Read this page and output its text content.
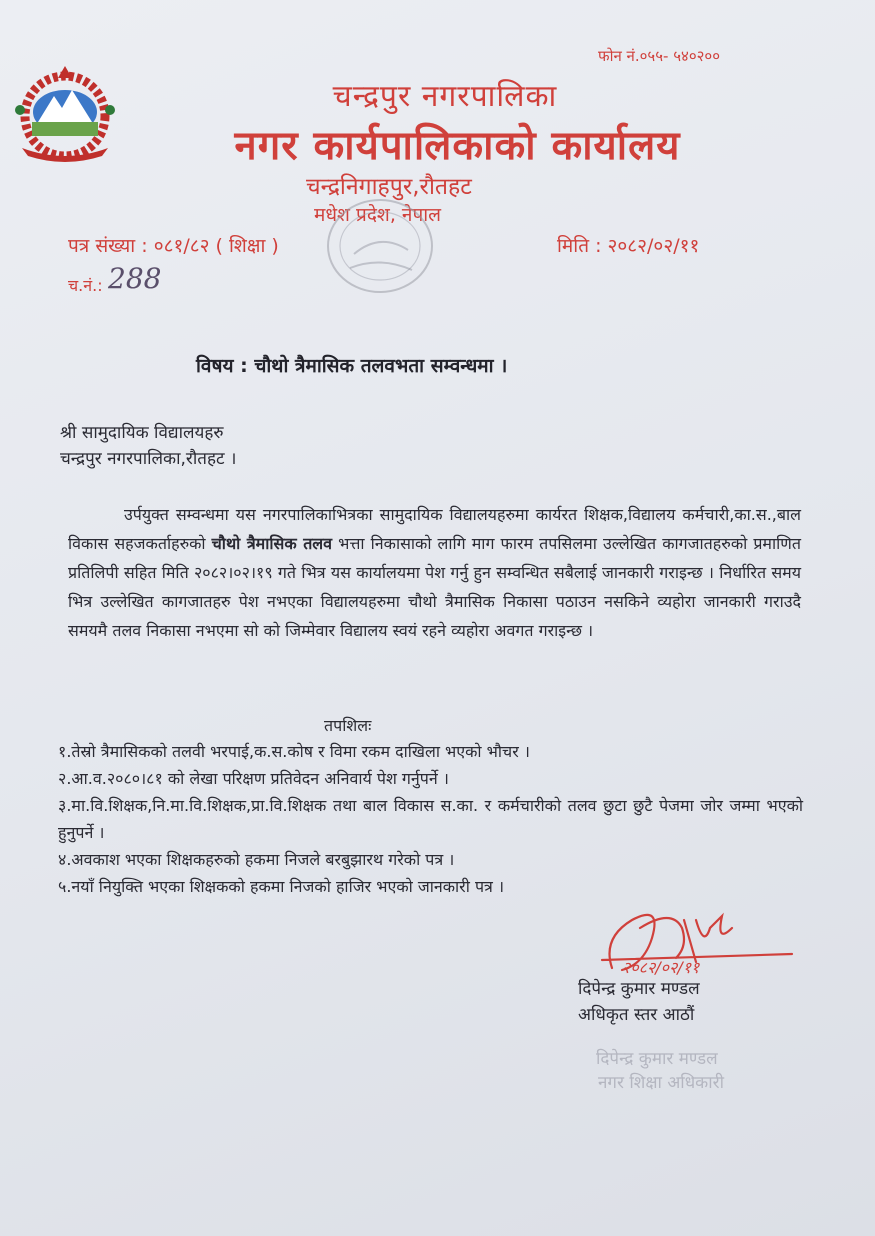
फोन नं.०५५- ५४०२००
चन्द्रपुर नगरपालिका
नगर कार्यपालिकाको कार्यालय
चन्द्रनिगाहपुर,रौतहट
मधेश प्रदेश, नेपाल
पत्र संख्या : ०८१/८२ ( शिक्षा )	मिति : २०८२/०२/११
च.नं.: 288
विषय : चौथो त्रैमासिक तलवभता सम्वन्धमा ।
श्री सामुदायिक विद्यालयहरु
चन्द्रपुर नगरपालिका,रौतहट ।
उर्पयुक्त सम्वन्धमा यस नगरपालिकाभित्रका सामुदायिक विद्यालयहरुमा कार्यरत शिक्षक,विद्यालय कर्मचारी,का.स.,बाल विकास सहजकर्ताहरुको चौथो त्रैमासिक तलव भत्ता निकासाको लागि माग फारम तपसिलमा उल्लेखित कागजातहरुको प्रमाणित प्रतिलिपी सहित मिति २०८२।०२।१९ गते भित्र यस कार्यालयमा पेश गर्नु हुन सम्वन्धित सबैलाई जानकारी गराइन्छ । निर्धारित समय भित्र उल्लेखित कागजातहरु पेश नभएका विद्यालयहरुमा चौथो त्रैमासिक निकासा पठाउन नसकिने व्यहोरा जानकारी गराउदै समयमै तलव निकासा नभएमा सो को जिम्मेवार विद्यालय स्वयं रहने व्यहोरा अवगत गराइन्छ ।
तपशिलः
१.तेस्रो त्रैमासिकको तलवी भरपाई,क.स.कोष र विमा रकम दाखिला भएको भौचर ।
२.आ.व.२०८०।८१ को लेखा परिक्षण प्रतिवेदन अनिवार्य पेश गर्नुपर्ने ।
३.मा.वि.शिक्षक,नि.मा.वि.शिक्षक,प्रा.वि.शिक्षक तथा बाल विकास स.का. र कर्मचारीको तलव छुटा छुटै पेजमा जोर जम्मा भएको हुनुपर्ने ।
४.अवकाश भएका शिक्षकहरुको हकमा निजले बरबुझारथ गरेको पत्र ।
५.नयाँ नियुक्ति भएका शिक्षकको हकमा निजको हाजिर भएको जानकारी पत्र ।
२०८२/०२/११
दिपेन्द्र कुमार मण्डल
अधिकृत स्तर आठौं
दिपेन्द्र कुमार मण्डल
नगर शिक्षा अधिकारी
